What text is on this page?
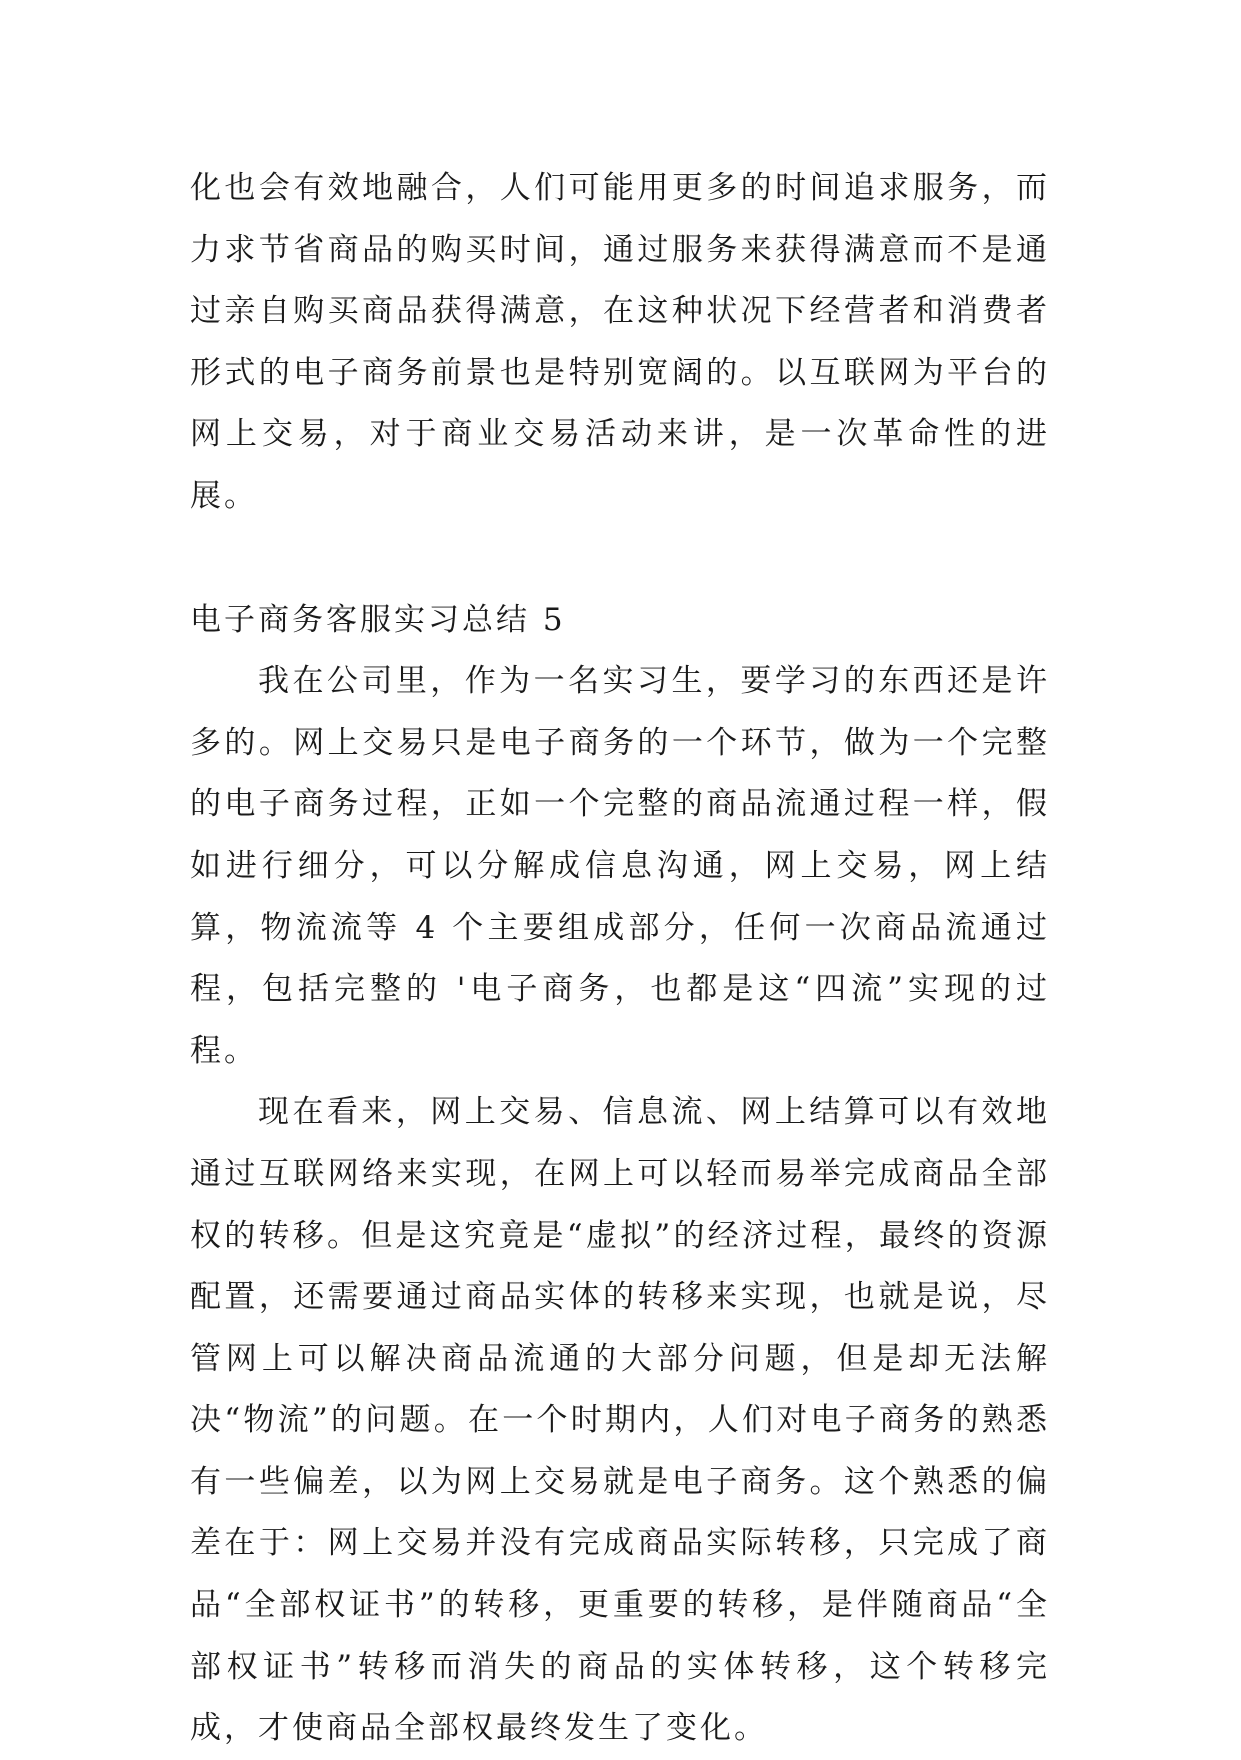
化也会有效地融合，人们可能用更多的时间追求服务，而力求节省商品的购买时间，通过服务来获得满意而不是通过亲自购买商品获得满意，在这种状况下经营者和消费者形式的电子商务前景也是特别宽阔的。以互联网为平台的网上交易，对于商业交易活动来讲，是一次革命性的进展。

电子商务客服实习总结 5

我在公司里，作为一名实习生，要学习的东西还是许多的。网上交易只是电子商务的一个环节，做为一个完整的电子商务过程，正如一个完整的商品流通过程一样，假如进行细分，可以分解成信息沟通，网上交易，网上结算，物流流等 4 个主要组成部分，任何一次商品流通过程，包括完整的 '电子商务，也都是这“四流”实现的过程。

现在看来，网上交易、信息流、网上结算可以有效地通过互联网络来实现，在网上可以轻而易举完成商品全部权的转移。但是这究竟是“虚拟”的经济过程，最终的资源配置，还需要通过商品实体的转移来实现，也就是说，尽管网上可以解决商品流通的大部分问题，但是却无法解决“物流”的问题。在一个时期内，人们对电子商务的熟悉有一些偏差，以为网上交易就是电子商务。这个熟悉的偏差在于：网上交易并没有完成商品实际转移，只完成了商品“全部权证书”的转移，更重要的转移，是伴随商品“全部权证书”转移而消失的商品的实体转移，这个转移完成，才使商品全部权最终发生了变化。
